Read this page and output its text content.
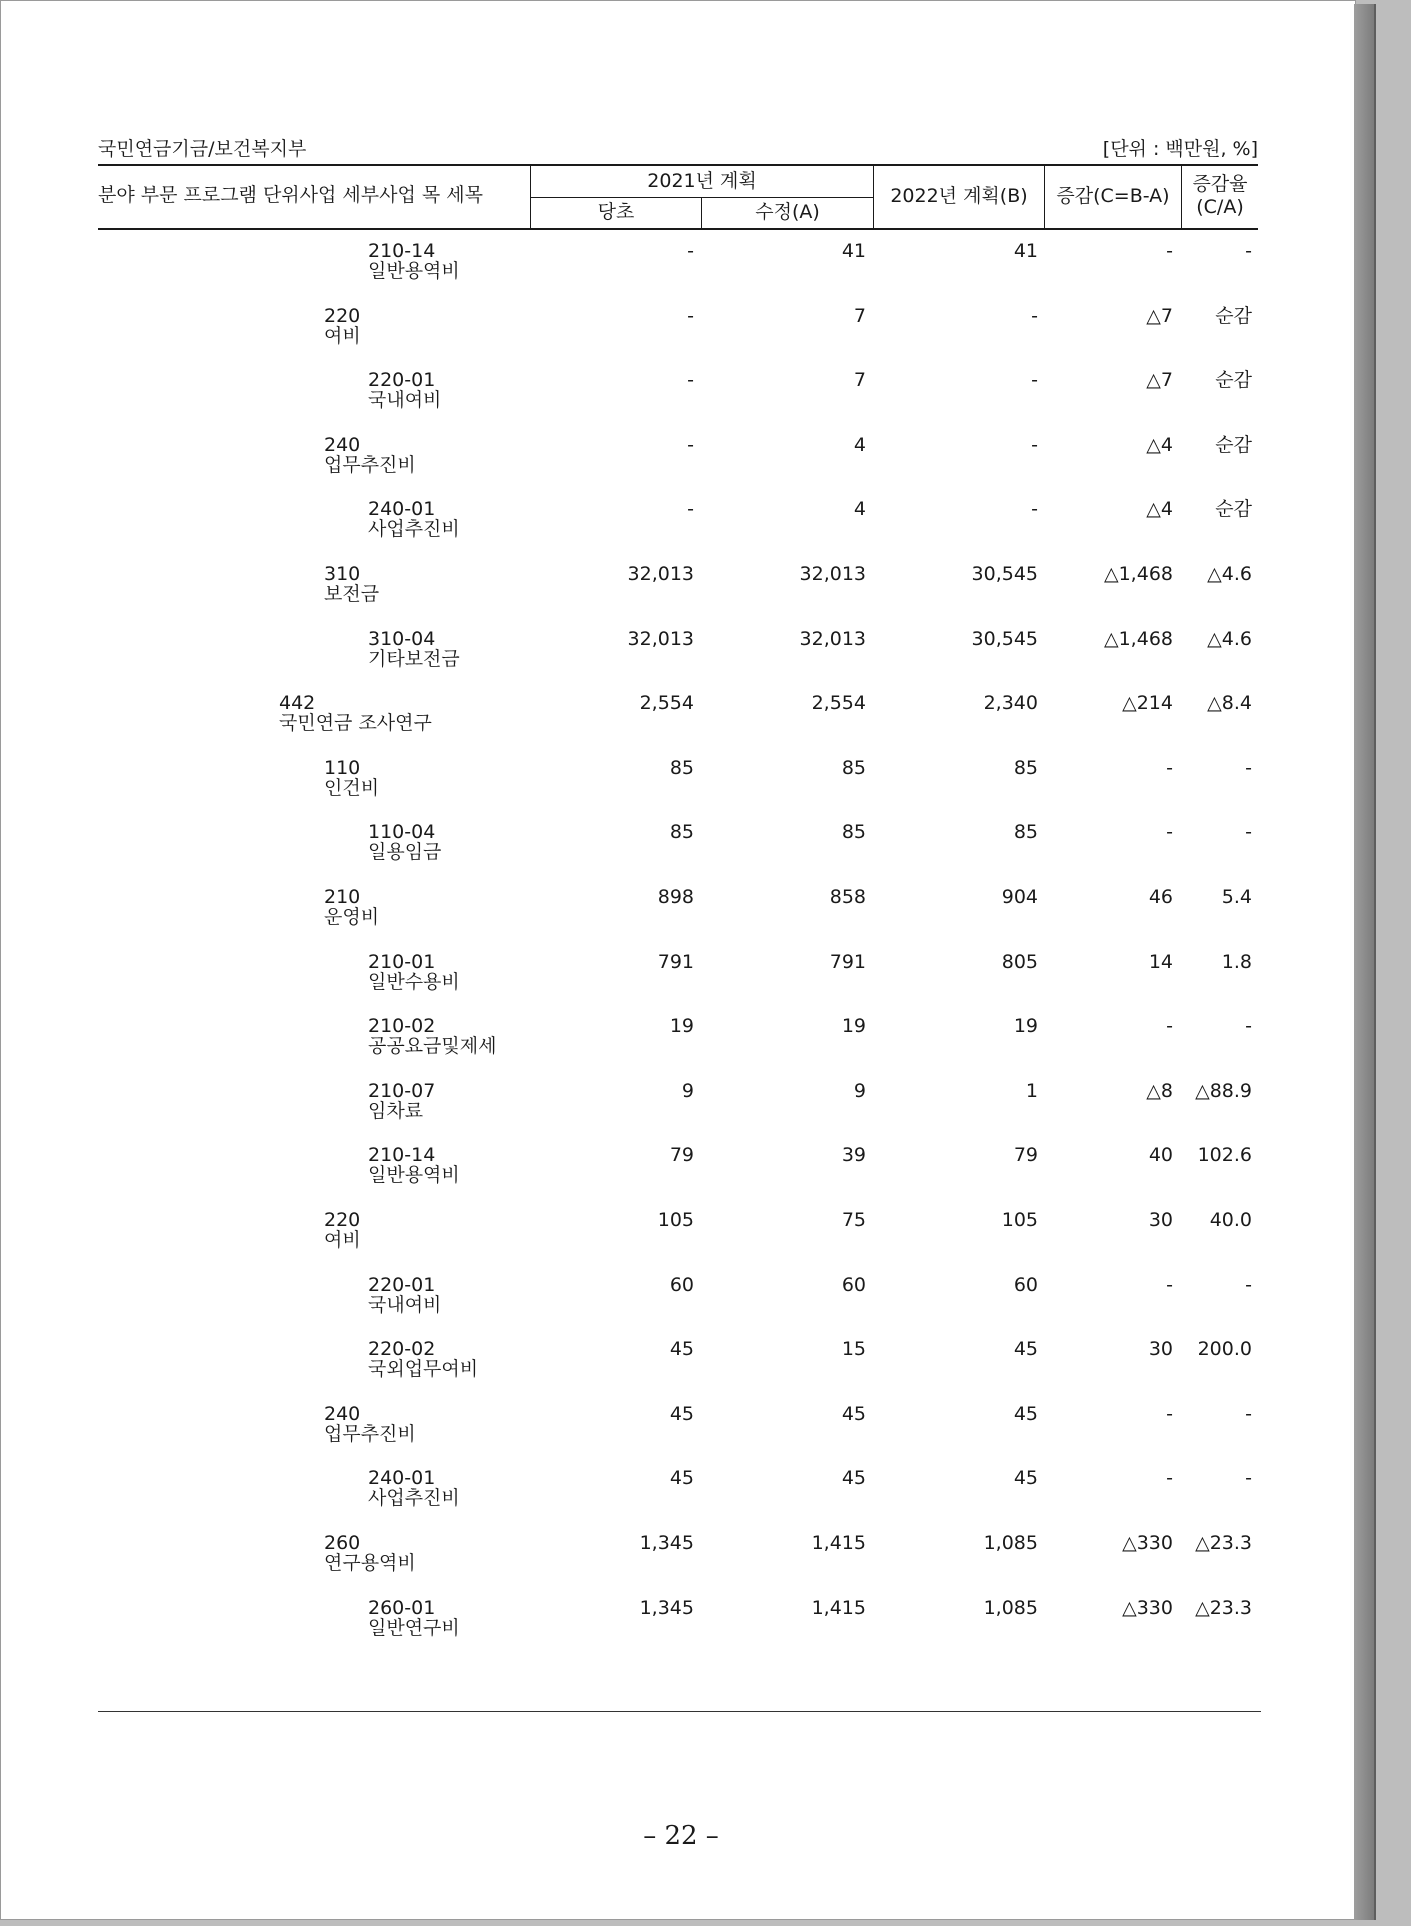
국민연금기금/보건복지부	[단위 : 백만원, %]
분야 부문 프로그램 단위사업 세부사업 목 세목
2021년 계획
당초	수정(A)
2022년 계획(B)	증감(C=B-A)
증감율
(C/A)
210-14
일반용역비
-	41	41	-	-
220
여비
-	7	-	△7	순감
220-01
국내여비
-	7	-	△7	순감
240
업무추진비
-	4	-	△4	순감
240-01
사업추진비
-	4	-	△4	순감
310
보전금
32,013	32,013	30,545	△1,468	△4.6
310-04
기타보전금
32,013	32,013	30,545	△1,468	△4.6
442
국민연금 조사연구
2,554	2,554	2,340	△214	△8.4
110
인건비
85	85	85	-	-
110-04
일용임금
85	85	85	-	-
210
운영비
898	858	904	46	5.4
210-01
일반수용비
791	791	805	14	1.8
210-02
공공요금및제세
19	19	19	-	-
210-07
임차료
9	9	1	△8	△88.9
210-14
일반용역비
79	39	79	40	102.6
220
여비
105	75	105	30	40.0
220-01
국내여비
60	60	60	-	-
220-02
국외업무여비
45	15	45	30	200.0
240
업무추진비
45	45	45	-	-
240-01
사업추진비
45	45	45	-	-
260
연구용역비
1,345	1,415	1,085	△330	△23.3
260-01
일반연구비
1,345	1,415	1,085	△330	△23.3
– 22 –
